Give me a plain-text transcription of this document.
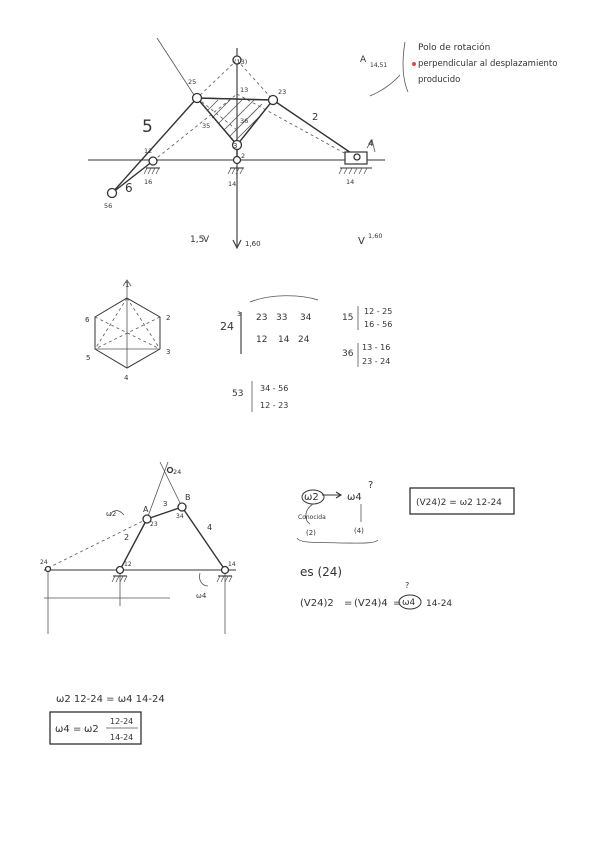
Polo de rotación
perpendicular al desplazamiento
producido
A
14,51
5
6
2
4
12
56
13	23
25
35
2
36
3
(13)
14
16	14
1,5
V	1,60	V 1,60
1
2
3
4
5
6	24
3 23 33 34
12 14 24
15
12 - 25
16 - 56
36
13 - 16
23 - 24
53
34 - 56
12 - 23
24
A
B
3
2
4
23
34
ω2
ω4
24	12	14
ω2	ω4
?
Conocida
(2)	(4)
(V24)2 = ω2 12-24
es (24)
(V24)2 = (V24)4 = ω4
?
14-24
ω2 12-24 = ω4 14-24
ω4 = ω2
12-24
14-24
